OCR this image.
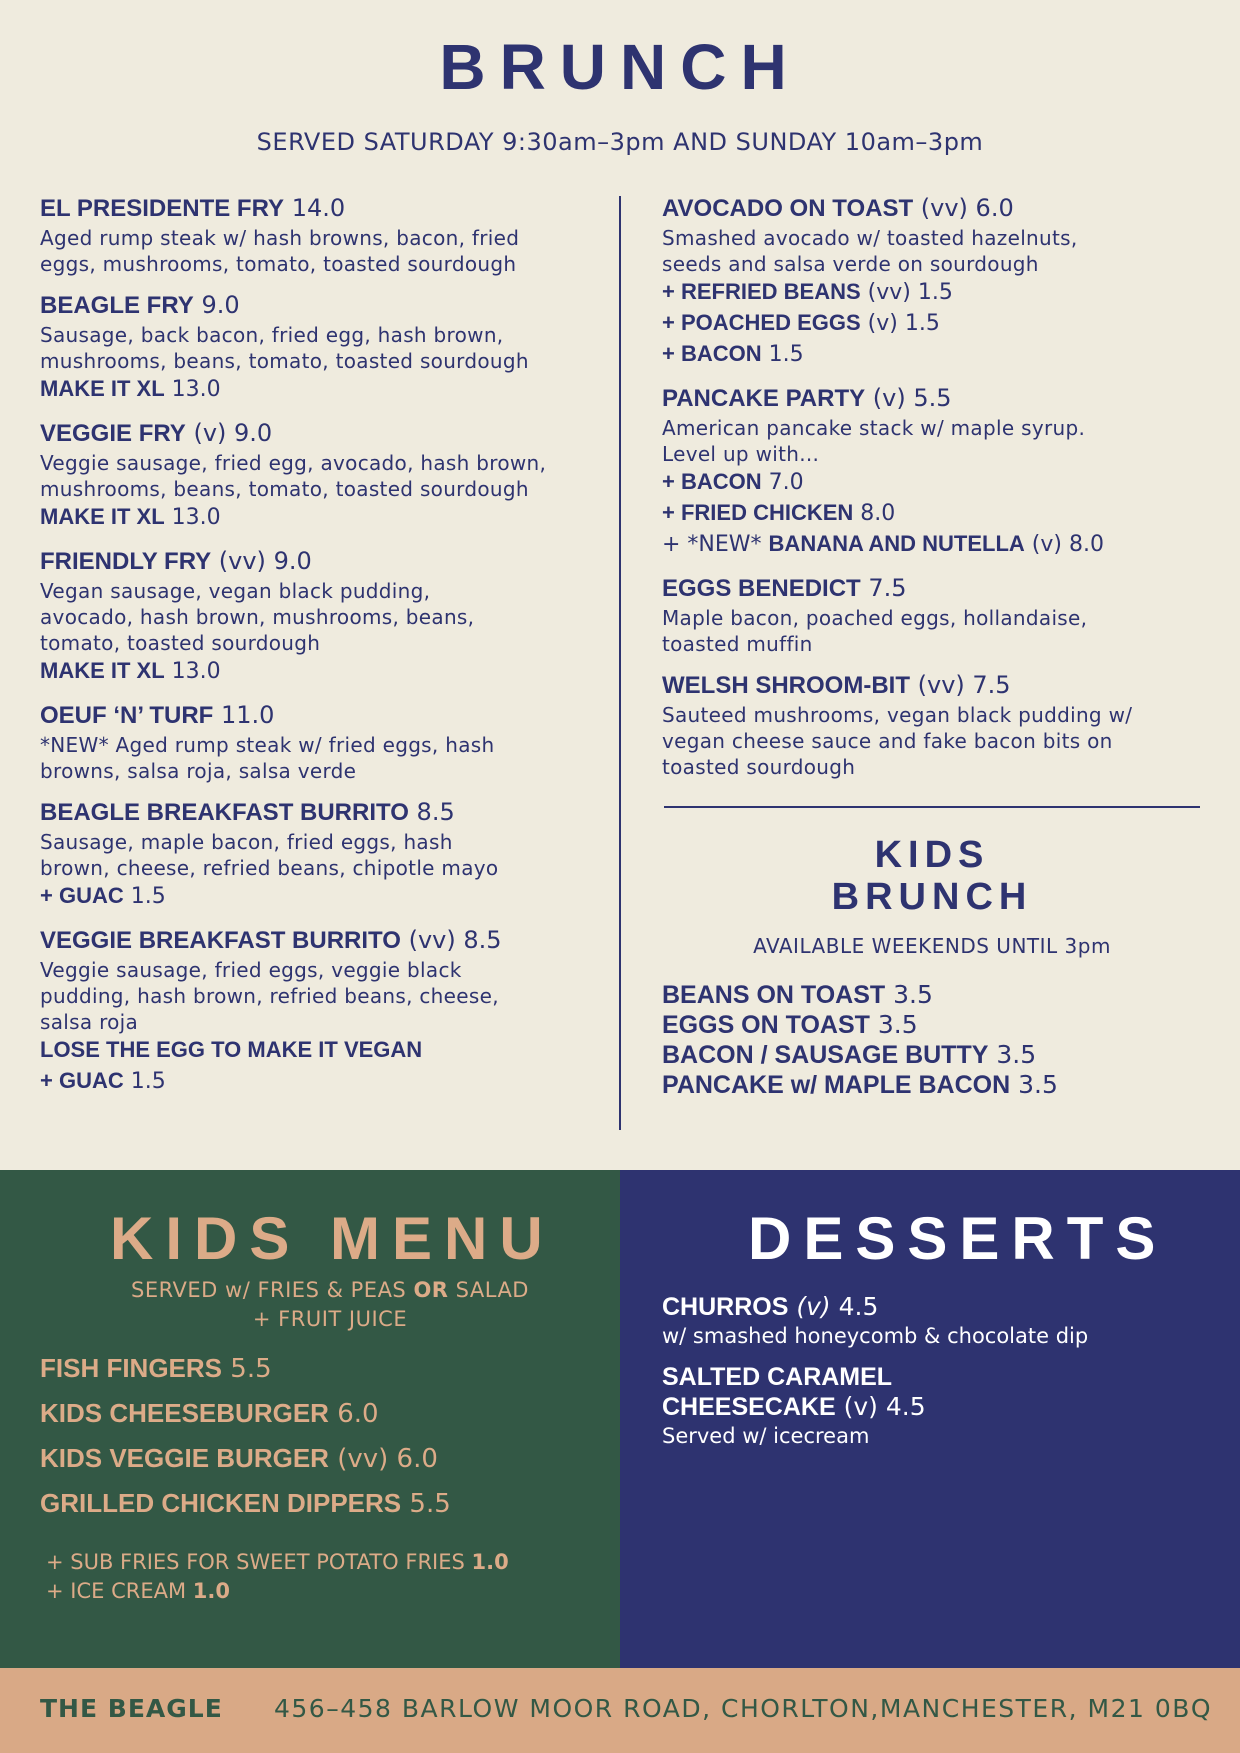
BRUNCH
SERVED SATURDAY 9:30am–3pm AND SUNDAY 10am–3pm
EL PRESIDENTE FRY 14.0
Aged rump steak w/ hash browns, bacon, fried
eggs, mushrooms, tomato, toasted sourdough
BEAGLE FRY 9.0
Sausage, back bacon, fried egg, hash brown,
mushrooms, beans, tomato, toasted sourdough
MAKE IT XL 13.0
VEGGIE FRY (v) 9.0
Veggie sausage, fried egg, avocado, hash brown,
mushrooms, beans, tomato, toasted sourdough
MAKE IT XL 13.0
FRIENDLY FRY (vv) 9.0
Vegan sausage, vegan black pudding,
avocado, hash brown, mushrooms, beans,
tomato, toasted sourdough
MAKE IT XL 13.0
OEUF ‘N’ TURF 11.0
*NEW* Aged rump steak w/ fried eggs, hash
browns, salsa roja, salsa verde
BEAGLE BREAKFAST BURRITO 8.5
Sausage, maple bacon, fried eggs, hash
brown, cheese, refried beans, chipotle mayo
+ GUAC 1.5
VEGGIE BREAKFAST BURRITO (vv) 8.5
Veggie sausage, fried eggs, veggie black
pudding, hash brown, refried beans, cheese,
salsa roja
LOSE THE EGG TO MAKE IT VEGAN
+ GUAC 1.5
AVOCADO ON TOAST (vv) 6.0
Smashed avocado w/ toasted hazelnuts,
seeds and salsa verde on sourdough
+ REFRIED BEANS (vv) 1.5
+ POACHED EGGS (v) 1.5
+ BACON 1.5
PANCAKE PARTY (v) 5.5
American pancake stack w/ maple syrup.
Level up with...
+ BACON 7.0
+ FRIED CHICKEN 8.0
+ *NEW* BANANA AND NUTELLA (v) 8.0
EGGS BENEDICT 7.5
Maple bacon, poached eggs, hollandaise,
toasted muffin
WELSH SHROOM-BIT (vv) 7.5
Sauteed mushrooms, vegan black pudding w/
vegan cheese sauce and fake bacon bits on
toasted sourdough
KIDS
BRUNCH
AVAILABLE WEEKENDS UNTIL 3pm
BEANS ON TOAST 3.5
EGGS ON TOAST 3.5
BACON / SAUSAGE BUTTY 3.5
PANCAKE w/ MAPLE BACON 3.5
KIDS MENU
SERVED w/ FRIES & PEAS OR SALAD
+ FRUIT JUICE
FISH FINGERS 5.5
KIDS CHEESEBURGER 6.0
KIDS VEGGIE BURGER (vv) 6.0
GRILLED CHICKEN DIPPERS 5.5
+ SUB FRIES FOR SWEET POTATO FRIES 1.0
+ ICE CREAM 1.0
DESSERTS
CHURROS (v) 4.5
w/ smashed honeycomb & chocolate dip
SALTED CARAMEL
CHEESECAKE (v) 4.5
Served w/ icecream
THE BEAGLE 456–458 BARLOW MOOR ROAD, CHORLTON,MANCHESTER, M21 0BQ
